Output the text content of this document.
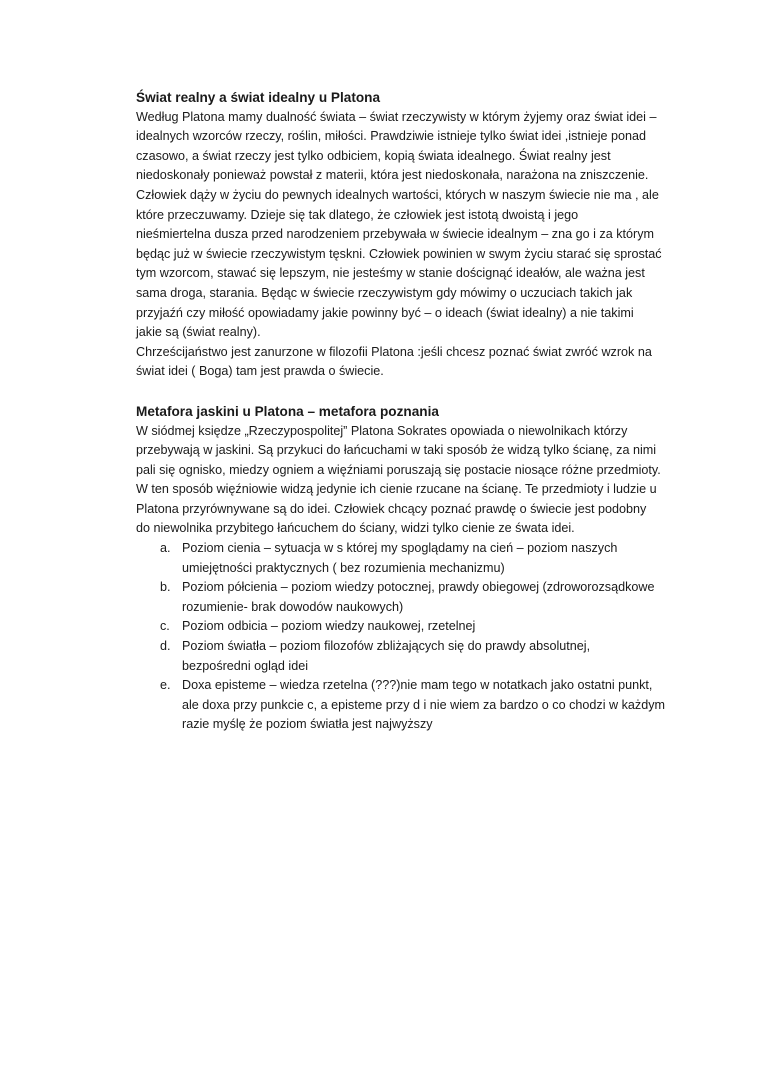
Świat realny a świat idealny u Platona
Według Platona mamy dualność świata – świat rzeczywisty w którym żyjemy oraz świat idei –
idealnych wzorców rzeczy, roślin, miłości. Prawdziwie istnieje tylko świat idei ,istnieje ponad
czasowo, a świat rzeczy jest tylko odbiciem, kopią świata idealnego. Świat realny jest
niedoskonały ponieważ powstał z materii, która jest niedoskonała, narażona na zniszczenie.
Człowiek dąży w życiu do pewnych idealnych wartości, których w naszym świecie nie ma , ale
które przeczuwamy. Dzieje się tak dlatego, że człowiek jest istotą dwoistą i jego
nieśmiertelna dusza przed narodzeniem przebywała w świecie idealnym – zna go i za którym
będąc już w świecie rzeczywistym tęskni. Człowiek powinien w swym życiu starać się sprostać
tym wzorcom, stawać się lepszym, nie jesteśmy w stanie doścignąć ideałów, ale ważna jest
sama droga, starania. Będąc w świecie rzeczywistym gdy mówimy o uczuciach takich jak
przyjaźń czy miłość opowiadamy jakie powinny być – o ideach (świat idealny) a nie takimi
jakie są (świat realny).
Chrześcijaństwo jest zanurzone w filozofii Platona :jeśli chcesz poznać świat zwróć wzrok na
świat idei ( Boga) tam jest prawda o świecie.
Metafora jaskini u Platona – metafora poznania
W siódmej księdze „Rzeczypospolitej” Platona Sokrates opowiada o niewolnikach którzy
przebywają w jaskini. Są przykuci do łańcuchami w taki sposób że widzą tylko ścianę, za nimi
pali się ognisko, miedzy ogniem a więźniami poruszają się postacie niosące różne przedmioty.
W ten sposób więźniowie widzą jedynie ich cienie rzucane na ścianę. Te przedmioty i ludzie u
Platona przyrównywane są do idei. Człowiek chcący poznać prawdę o świecie jest podobny
do niewolnika przybitego łańcuchem do ściany, widzi tylko cienie ze śwata idei.
a. Poziom cienia – sytuacja w s której my spoglądamy na cień – poziom naszych
umiejętności praktycznych ( bez rozumienia mechanizmu)
b. Poziom półcienia – poziom wiedzy potocznej, prawdy obiegowej (zdroworozsądkowe
rozumienie- brak dowodów naukowych)
c. Poziom odbicia – poziom wiedzy naukowej, rzetelnej
d. Poziom światła – poziom filozofów zbliżających się do prawdy absolutnej,
bezpośredni ogląd idei
e. Doxa episteme – wiedza rzetelna (???)nie mam tego w notatkach jako ostatni punkt,
ale doxa przy punkcie c, a episteme przy d i nie wiem za bardzo o co chodzi w każdym
razie myślę że poziom światła jest najwyższy
